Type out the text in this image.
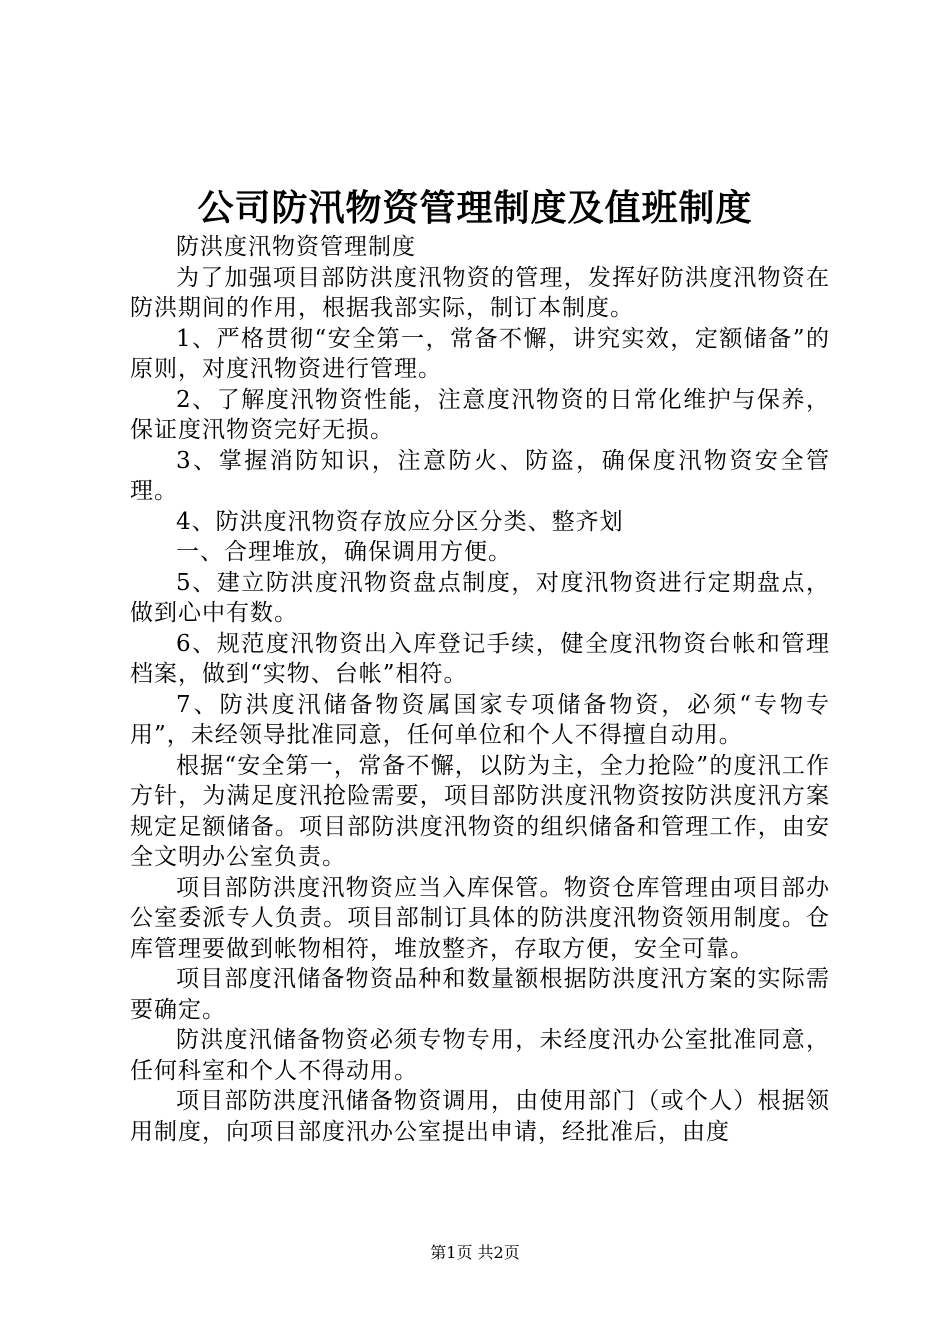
公司防汛物资管理制度及值班制度

防洪度汛物资管理制度

为了加强项目部防洪度汛物资的管理，发挥好防洪度汛物资在防洪期间的作用，根据我部实际，制订本制度。

1、严格贯彻“安全第一，常备不懈，讲究实效，定额储备”的原则，对度汛物资进行管理。

2、了解度汛物资性能，注意度汛物资的日常化维护与保养，保证度汛物资完好无损。

3、掌握消防知识，注意防火、防盗，确保度汛物资安全管理。

4、防洪度汛物资存放应分区分类、整齐划

一、合理堆放，确保调用方便。

5、建立防洪度汛物资盘点制度，对度汛物资进行定期盘点，做到心中有数。

6、规范度汛物资出入库登记手续，健全度汛物资台帐和管理档案，做到“实物、台帐”相符。

7、防洪度汛储备物资属国家专项储备物资，必须“专物专用”，未经领导批准同意，任何单位和个人不得擅自动用。

根据“安全第一，常备不懈，以防为主，全力抢险”的度汛工作方针，为满足度汛抢险需要，项目部防洪度汛物资按防洪度汛方案规定足额储备。项目部防洪度汛物资的组织储备和管理工作，由安全文明办公室负责。

项目部防洪度汛物资应当入库保管。物资仓库管理由项目部办公室委派专人负责。项目部制订具体的防洪度汛物资领用制度。仓库管理要做到帐物相符，堆放整齐，存取方便，安全可靠。

项目部度汛储备物资品种和数量额根据防洪度汛方案的实际需要确定。

防洪度汛储备物资必须专物专用，未经度汛办公室批准同意，任何科室和个人不得动用。

项目部防洪度汛储备物资调用，由使用部门（或个人）根据领用制度，向项目部度汛办公室提出申请，经批准后，由度

第1页 共2页
